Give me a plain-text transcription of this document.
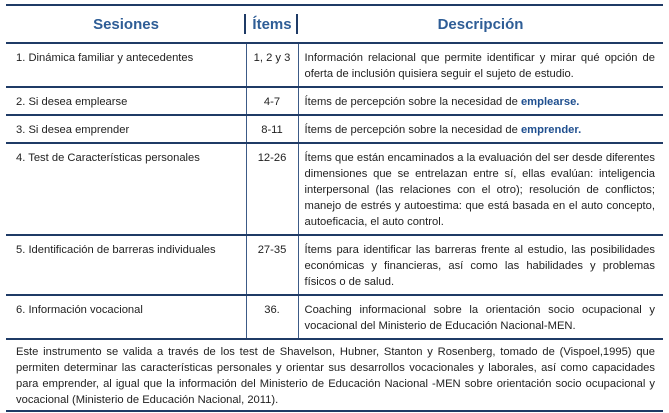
Sesiones	Ítems	Descripción
1. Dinámica familiar y antecedentes	1, 2 y 3	Información relacional que permite identificar y mirar qué opción de oferta de inclusión quisiera seguir el sujeto de estudio.
2. Si desea emplearse	4-7	Ítems de percepción sobre la necesidad de emplearse.
3. Si desea emprender	8-11	Ítems de percepción sobre la necesidad de emprender.
4. Test de Características personales	12-26	Ítems que están encaminados a la evaluación del ser desde diferentes dimensiones que se entrelazan entre sí, ellas evalúan: inteligencia interpersonal (las relaciones con el otro); resolución de conflictos; manejo de estrés y autoestima: que está basada en el auto concepto, autoeficacia, el auto control.
5. Identificación de barreras individuales	27-35	Ítems para identificar las barreras frente al estudio, las posibilidades económicas y financieras, así como las habilidades y problemas físicos o de salud.
6. Información vocacional	36.	Coaching informacional sobre la orientación socio ocupacional y vocacional del Ministerio de Educación Nacional-MEN.
Este instrumento se valida a través de los test de Shavelson, Hubner, Stanton y Rosenberg, tomado de (Vispoel,1995) que permiten determinar las características personales y orientar sus desarrollos vocacionales y laborales, así como capacidades para emprender, al igual que la información del Ministerio de Educación Nacional -MEN sobre orientación socio ocupacional y vocacional (Ministerio de Educación Nacional, 2011).
